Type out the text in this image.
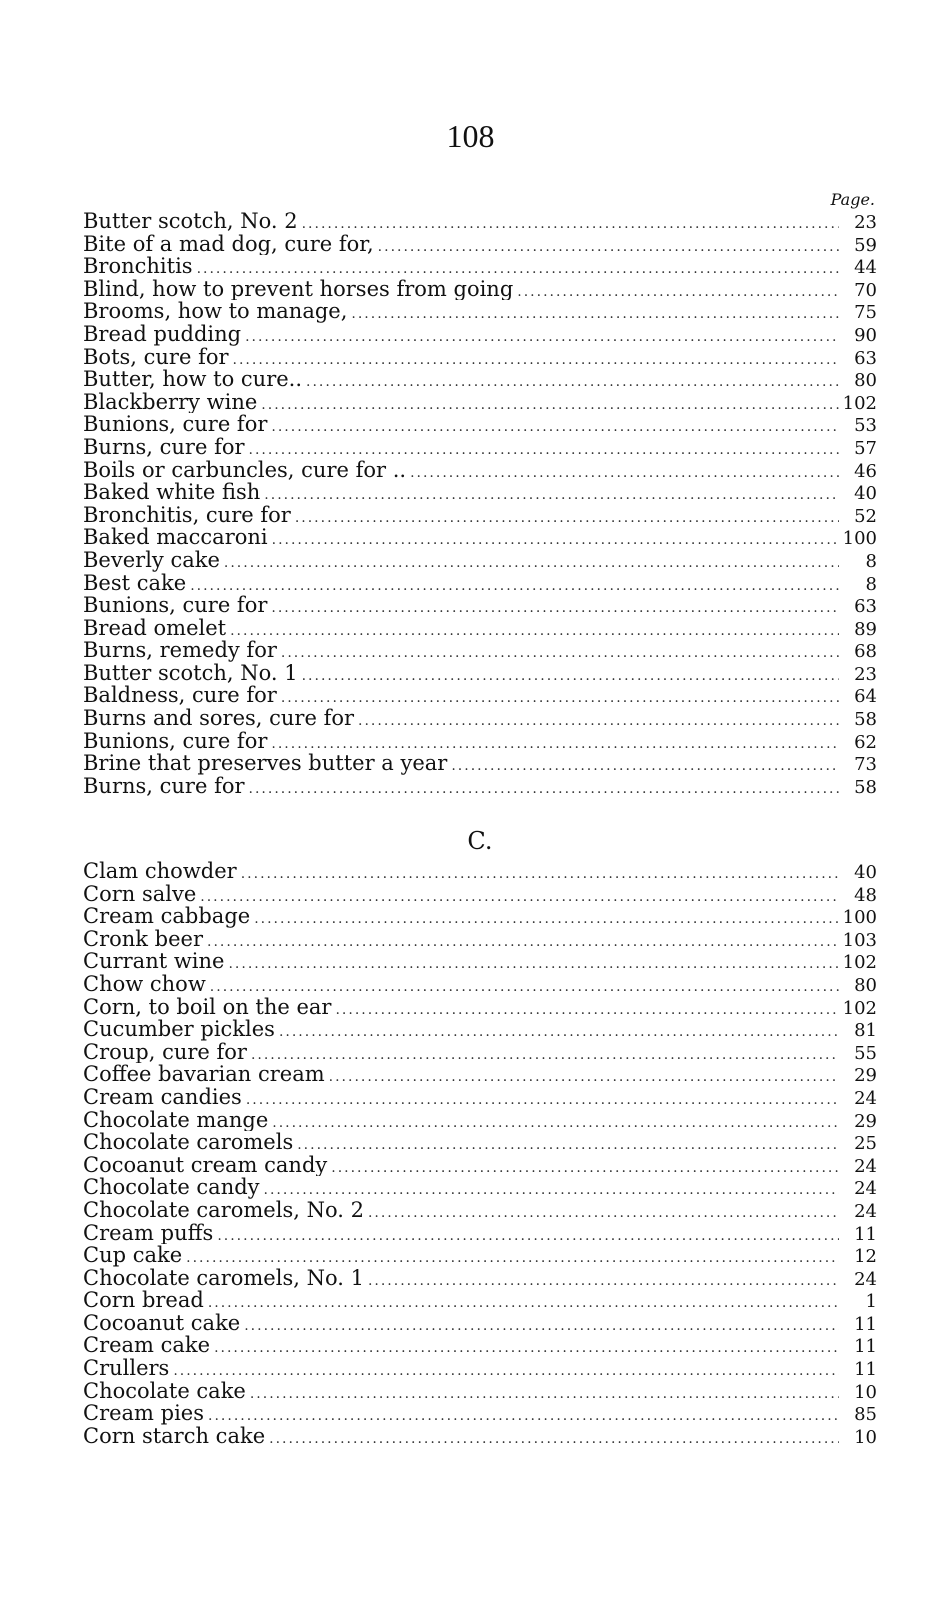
108
Page.
Butter scotch, No. 2 .....	23
Bite of a mad dog, cure for, .....	59
Bronchitis .....	44
Blind, how to prevent horses from going .....	70
Brooms, how to manage, .....	75
Bread pudding .....	90
Bots, cure for .....	63
Butter, how to cure.. .....	80
Blackberry wine .....	102
Bunions, cure for .....	53
Burns, cure for .....	57
Boils or carbuncles, cure for .. .....	46
Baked white fish .....	40
Bronchitis, cure for .....	52
Baked maccaroni .....	100
Beverly cake .....	8
Best cake .....	8
Bunions, cure for .....	63
Bread omelet .....	89
Burns, remedy for .....	68
Butter scotch, No. 1 .....	23
Baldness, cure for .....	64
Burns and sores, cure for .....	58
Bunions, cure for .....	62
Brine that preserves butter a year .....	73
Burns, cure for .....	58
C.
Clam chowder .....	40
Corn salve .....	48
Cream cabbage .....	100
Cronk beer .....	103
Currant wine .....	102
Chow chow .....	80
Corn, to boil on the ear .....	102
Cucumber pickles .....	81
Croup, cure for .....	55
Coffee bavarian cream .....	29
Cream candies .....	24
Chocolate mange .....	29
Chocolate caromels .....	25
Cocoanut cream candy .....	24
Chocolate candy .....	24
Chocolate caromels, No. 2 .....	24
Cream puffs .....	11
Cup cake .....	12
Chocolate caromels, No. 1 .....	24
Corn bread .....	1
Cocoanut cake .....	11
Cream cake .....	11
Crullers .....	11
Chocolate cake .....	10
Cream pies .....	85
Corn starch cake .....	10
